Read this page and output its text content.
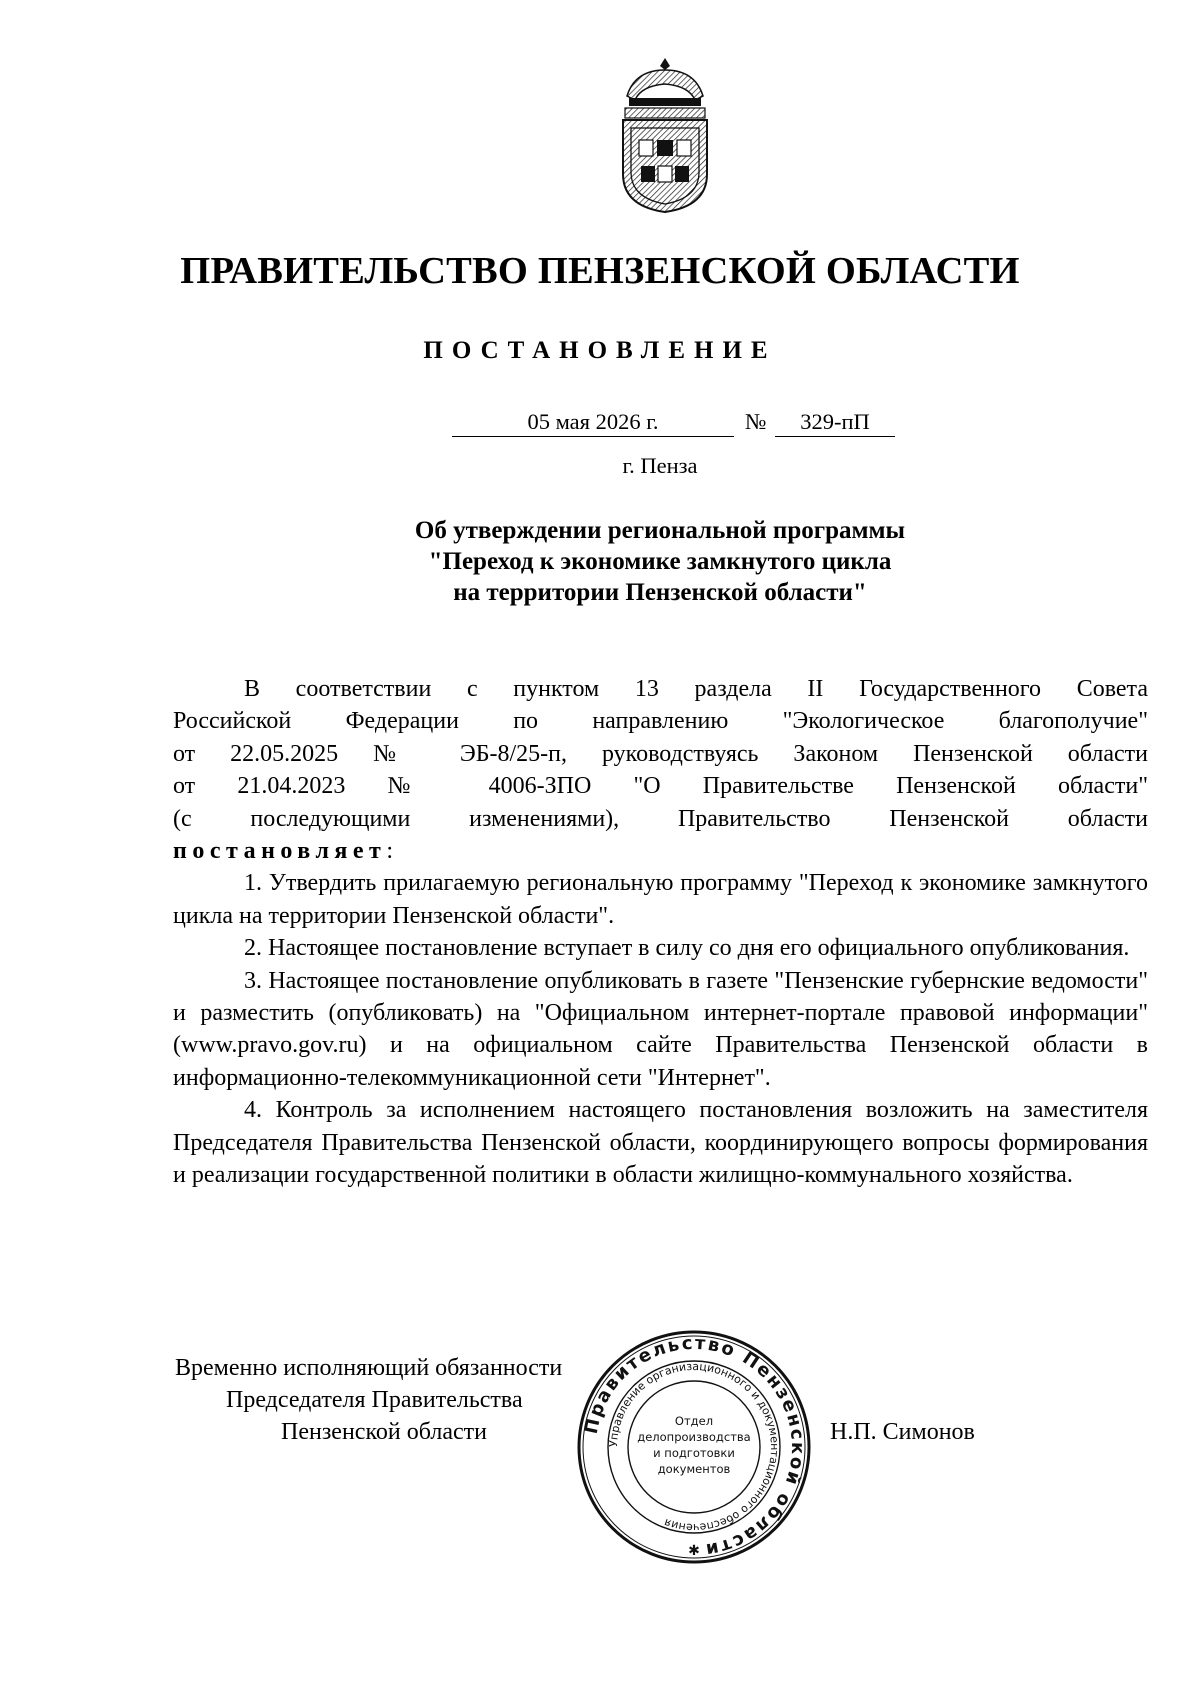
ПРАВИТЕЛЬСТВО ПЕНЗЕНСКОЙ ОБЛАСТИ
ПОСТАНОВЛЕНИЕ
05 мая 2026 г.	№	329-пП
г. Пенза
Об утверждении региональной программы
"Переход к экономике замкнутого цикла
на территории Пензенской области"

В соответствии с пунктом 13 раздела II Государственного Совета

Российской Федерации по направлению "Экологическое благополучие"

от 22.05.2025 № ЭБ-8/25-п, руководствуясь Законом Пензенской области

от 21.04.2023 № 4006-ЗПО "О Правительстве Пензенской области"

(с последующими изменениями), Правительство Пензенской области

постановляет:

1. Утвердить прилагаемую региональную программу "Переход к экономике замкнутого цикла на территории Пензенской области".

2. Настоящее постановление вступает в силу со дня его официального опубликования.

3. Настоящее постановление опубликовать в газете "Пензенские губернские ведомости" и разместить (опубликовать) на "Официальном интернет-портале правовой информации" (www.pravo.gov.ru) и на официальном сайте Правительства Пензенской области в информационно-телекоммуникационной сети "Интернет".

4. Контроль за исполнением настоящего постановления возложить на заместителя Председателя Правительства Пензенской области, координирующего вопросы формирования и реализации государственной политики в области жилищно-коммунального хозяйства.

Временно исполняющий обязанности
Председателя Правительства
Пензенской области	Н.П. Симонов
Правительство Пензенской области
Управление организационного и документационного обеспечения
Отдел
делопроизводства
и подготовки
документов
✱
